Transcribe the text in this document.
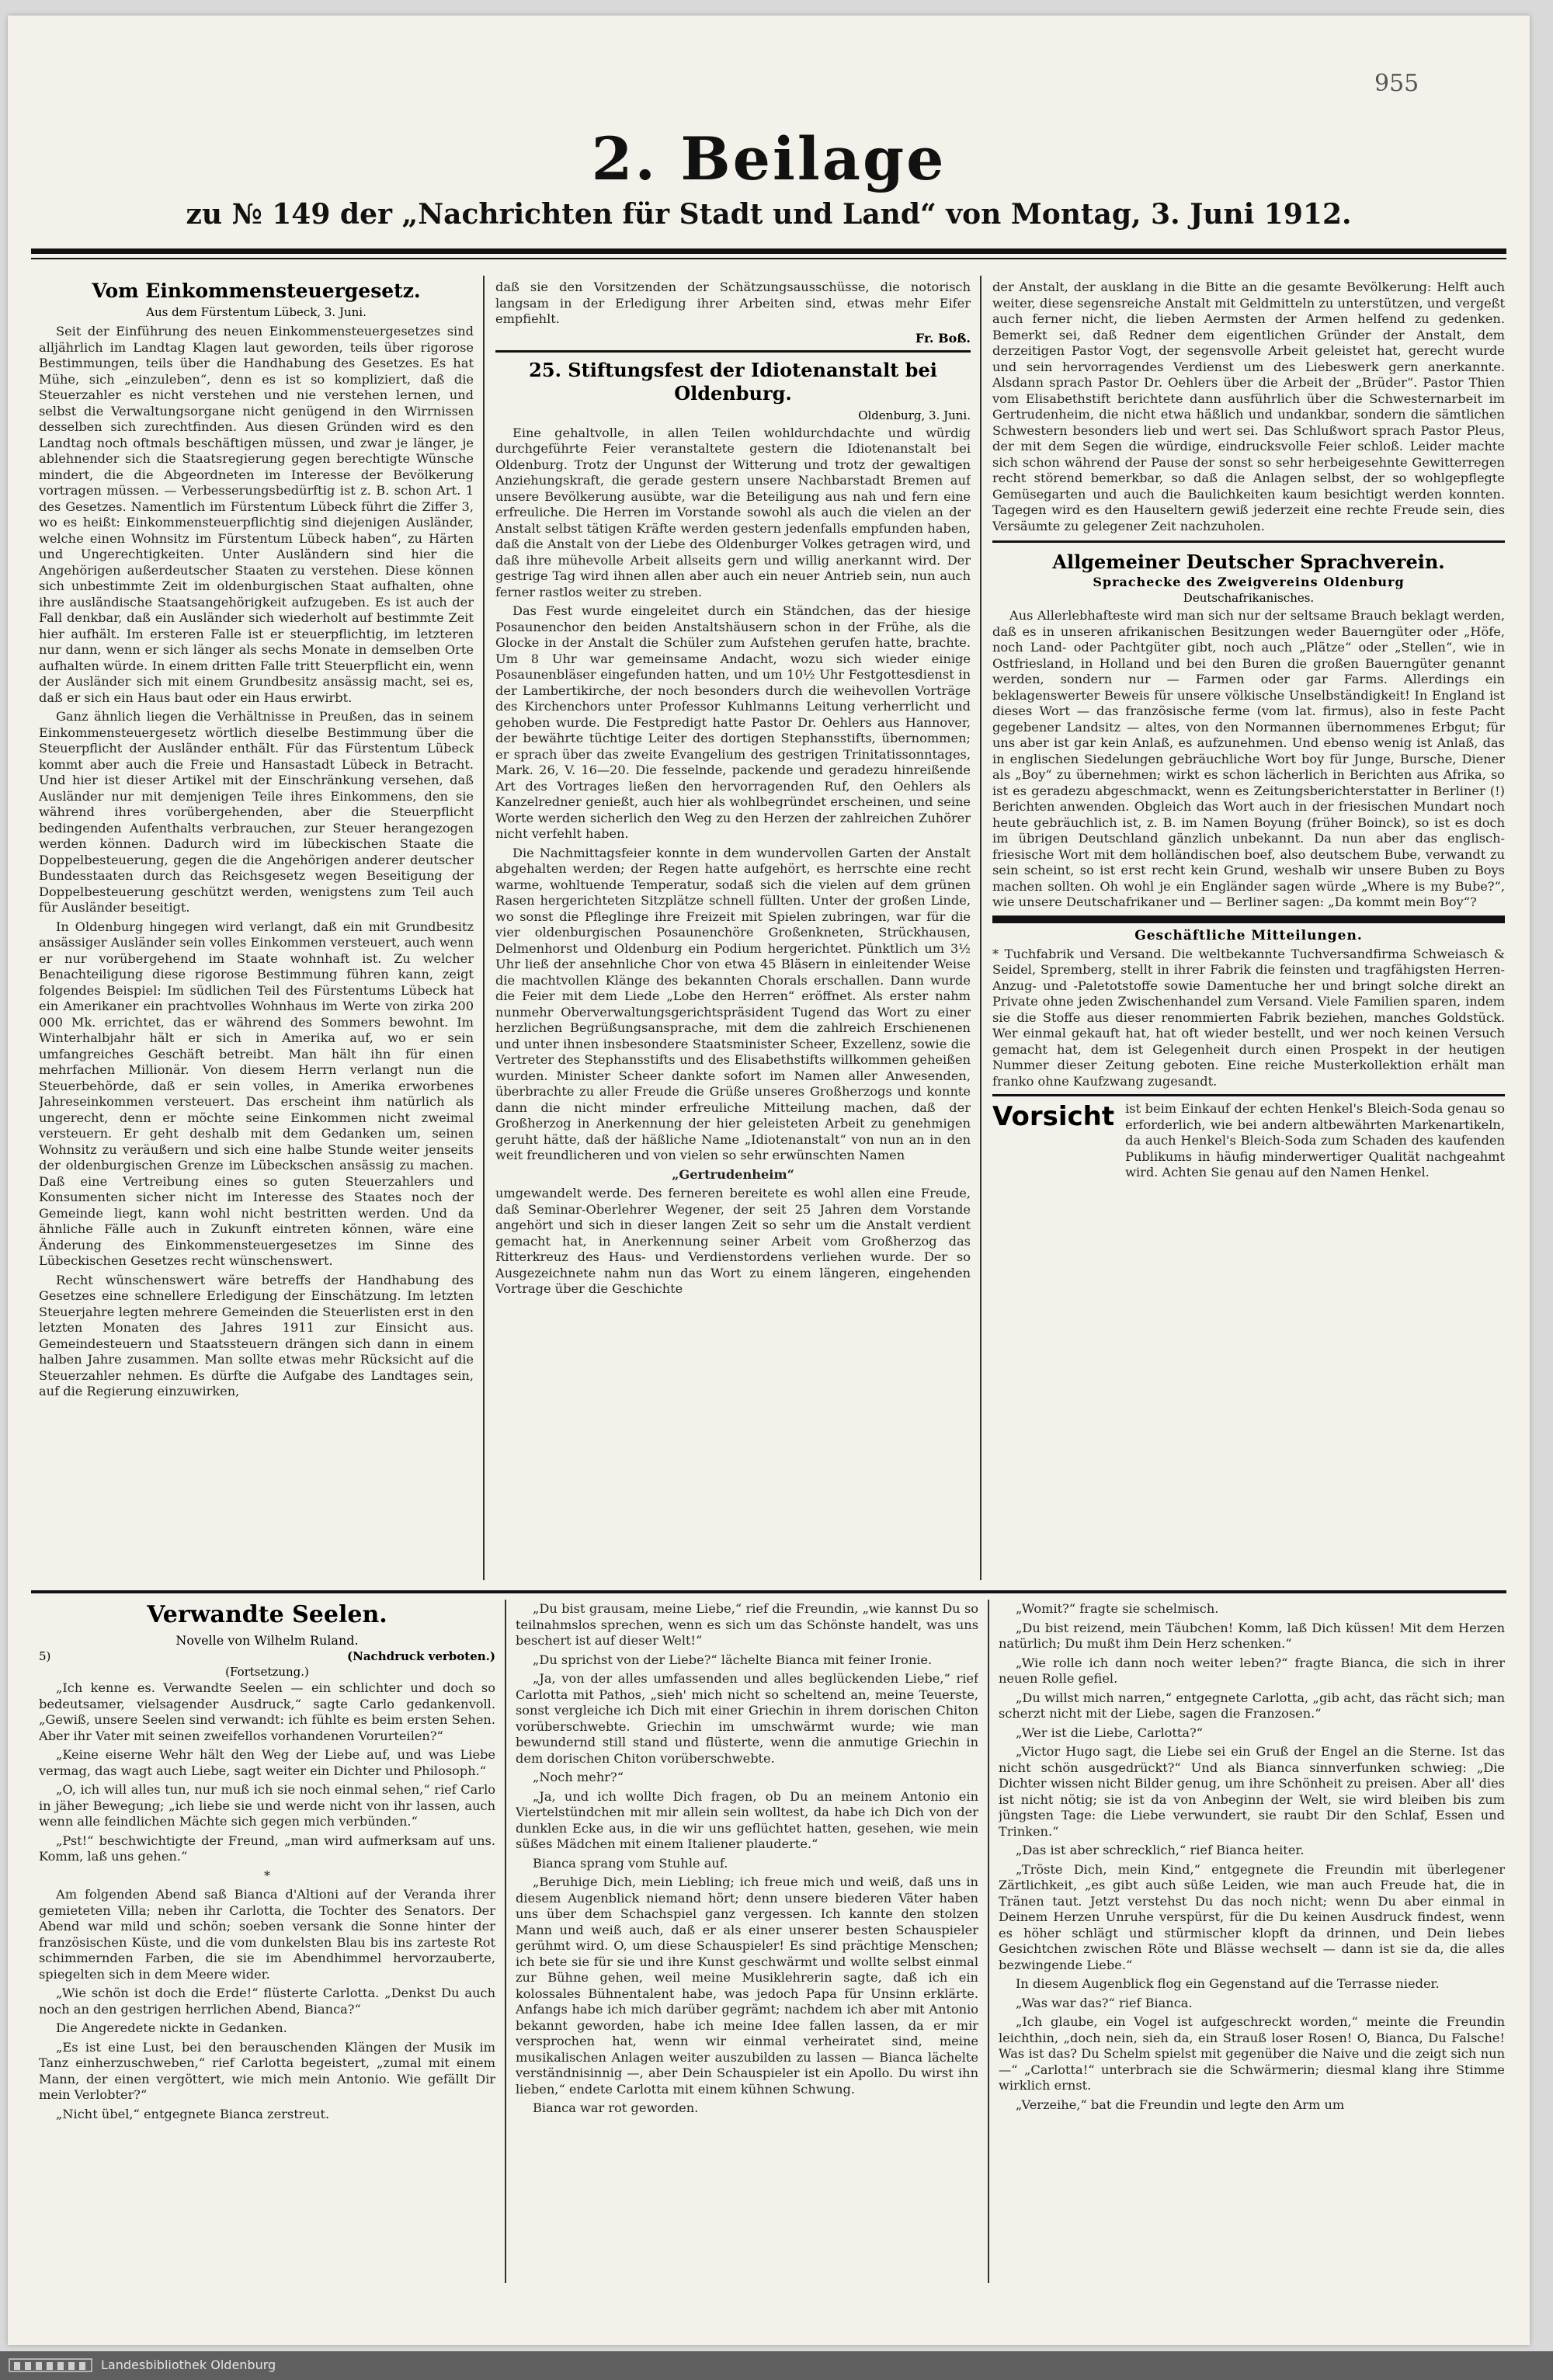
955
2. Beilage
zu № 149 der „Nachrichten für Stadt und Land“ von Montag, 3. Juni 1912.
Vom Einkommensteuergesetz.
Aus dem Fürstentum Lübeck, 3. Juni.

Seit der Einführung des neuen Einkommensteuergesetzes sind alljährlich im Landtag Klagen laut geworden, teils über rigorose Bestimmungen, teils über die Handhabung des Gesetzes. Es hat Mühe, sich „einzuleben“, denn es ist so kompliziert, daß die Steuerzahler es nicht verstehen und nie verstehen lernen, und selbst die Verwaltungsorgane nicht genügend in den Wirrnissen desselben sich zurechtfinden. Aus diesen Gründen wird es den Landtag noch oftmals beschäftigen müssen, und zwar je länger, je ablehnender sich die Staatsregierung gegen berechtigte Wünsche mindert, die die Abgeordneten im Interesse der Bevölkerung vortragen müssen. — Verbesserungsbedürftig ist z. B. schon Art. 1 des Gesetzes. Namentlich im Fürstentum Lübeck führt die Ziffer 3, wo es heißt: Einkommensteuerpflichtig sind diejenigen Ausländer, welche einen Wohnsitz im Fürstentum Lübeck haben“, zu Härten und Ungerechtigkeiten. Unter Ausländern sind hier die Angehörigen außerdeutscher Staaten zu verstehen. Diese können sich unbestimmte Zeit im oldenburgischen Staat aufhalten, ohne ihre ausländische Staatsangehörigkeit aufzugeben. Es ist auch der Fall denkbar, daß ein Ausländer sich wiederholt auf bestimmte Zeit hier aufhält. Im ersteren Falle ist er steuerpflichtig, im letzteren nur dann, wenn er sich länger als sechs Monate in demselben Orte aufhalten würde. In einem dritten Falle tritt Steuerpflicht ein, wenn der Ausländer sich mit einem Grundbesitz ansässig macht, sei es, daß er sich ein Haus baut oder ein Haus erwirbt.

Ganz ähnlich liegen die Verhältnisse in Preußen, das in seinem Einkommensteuergesetz wörtlich dieselbe Bestimmung über die Steuerpflicht der Ausländer enthält. Für das Fürstentum Lübeck kommt aber auch die Freie und Hansastadt Lübeck in Betracht. Und hier ist dieser Artikel mit der Einschränkung versehen, daß Ausländer nur mit demjenigen Teile ihres Einkommens, den sie während ihres vorübergehenden, aber die Steuerpflicht bedingenden Aufenthalts verbrauchen, zur Steuer herangezogen werden können. Dadurch wird im lübeckischen Staate die Doppelbesteuerung, gegen die die Angehörigen anderer deutscher Bundesstaaten durch das Reichsgesetz wegen Beseitigung der Doppelbesteuerung geschützt werden, wenigstens zum Teil auch für Ausländer beseitigt.

In Oldenburg hingegen wird verlangt, daß ein mit Grundbesitz ansässiger Ausländer sein volles Einkommen versteuert, auch wenn er nur vorübergehend im Staate wohnhaft ist. Zu welcher Benachteiligung diese rigorose Bestimmung führen kann, zeigt folgendes Beispiel: Im südlichen Teil des Fürstentums Lübeck hat ein Amerikaner ein prachtvolles Wohnhaus im Werte von zirka 200 000 Mk. errichtet, das er während des Sommers bewohnt. Im Winterhalbjahr hält er sich in Amerika auf, wo er sein umfangreiches Geschäft betreibt. Man hält ihn für einen mehrfachen Millionär. Von diesem Herrn verlangt nun die Steuerbehörde, daß er sein volles, in Amerika erworbenes Jahreseinkommen versteuert. Das erscheint ihm natürlich als ungerecht, denn er möchte seine Einkommen nicht zweimal versteuern. Er geht deshalb mit dem Gedanken um, seinen Wohnsitz zu veräußern und sich eine halbe Stunde weiter jenseits der oldenburgischen Grenze im Lübeckschen ansässig zu machen. Daß eine Vertreibung eines so guten Steuerzahlers und Konsumenten sicher nicht im Interesse des Staates noch der Gemeinde liegt, kann wohl nicht bestritten werden. Und da ähnliche Fälle auch in Zukunft eintreten können, wäre eine Änderung des Einkommensteuergesetzes im Sinne des Lübeckischen Gesetzes recht wünschenswert.

Recht wünschenswert wäre betreffs der Handhabung des Gesetzes eine schnellere Erledigung der Einschätzung. Im letzten Steuerjahre legten mehrere Gemeinden die Steuerlisten erst in den letzten Monaten des Jahres 1911 zur Einsicht aus. Gemeindesteuern und Staatssteuern drängen sich dann in einem halben Jahre zusammen. Man sollte etwas mehr Rücksicht auf die Steuerzahler nehmen. Es dürfte die Aufgabe des Landtages sein, auf die Regierung einzuwirken,

daß sie den Vorsitzenden der Schätzungsausschüsse, die notorisch langsam in der Erledigung ihrer Arbeiten sind, etwas mehr Eifer empfiehlt.

Fr. Boß.
25. Stiftungsfest der Idiotenanstalt bei Oldenburg.
Oldenburg, 3. Juni.

Eine gehaltvolle, in allen Teilen wohldurchdachte und würdig durchgeführte Feier veranstaltete gestern die Idiotenanstalt bei Oldenburg. Trotz der Ungunst der Witterung und trotz der gewaltigen Anziehungskraft, die gerade gestern unsere Nachbarstadt Bremen auf unsere Bevölkerung ausübte, war die Beteiligung aus nah und fern eine erfreuliche. Die Herren im Vorstande sowohl als auch die vielen an der Anstalt selbst tätigen Kräfte werden gestern jedenfalls empfunden haben, daß die Anstalt von der Liebe des Oldenburger Volkes getragen wird, und daß ihre mühevolle Arbeit allseits gern und willig anerkannt wird. Der gestrige Tag wird ihnen allen aber auch ein neuer Antrieb sein, nun auch ferner rastlos weiter zu streben.

Das Fest wurde eingeleitet durch ein Ständchen, das der hiesige Posaunenchor den beiden Anstaltshäusern schon in der Frühe, als die Glocke in der Anstalt die Schüler zum Aufstehen gerufen hatte, brachte. Um 8 Uhr war gemeinsame Andacht, wozu sich wieder einige Posaunenbläser eingefunden hatten, und um 10½ Uhr Festgottesdienst in der Lambertikirche, der noch besonders durch die weihevollen Vorträge des Kirchenchors unter Professor Kuhlmanns Leitung verherrlicht und gehoben wurde. Die Festpredigt hatte Pastor Dr. Oehlers aus Hannover, der bewährte tüchtige Leiter des dortigen Stephansstifts, übernommen; er sprach über das zweite Evangelium des gestrigen Trinitatissonntages, Mark. 26, V. 16—20. Die fesselnde, packende und geradezu hinreißende Art des Vortrages ließen den hervorragenden Ruf, den Oehlers als Kanzelredner genießt, auch hier als wohlbegründet erscheinen, und seine Worte werden sicherlich den Weg zu den Herzen der zahlreichen Zuhörer nicht verfehlt haben.

Die Nachmittagsfeier konnte in dem wundervollen Garten der Anstalt abgehalten werden; der Regen hatte aufgehört, es herrschte eine recht warme, wohltuende Temperatur, sodaß sich die vielen auf dem grünen Rasen hergerichteten Sitzplätze schnell füllten. Unter der großen Linde, wo sonst die Pfleglinge ihre Freizeit mit Spielen zubringen, war für die vier oldenburgischen Posaunenchöre Großenkneten, Strückhausen, Delmenhorst und Oldenburg ein Podium hergerichtet. Pünktlich um 3½ Uhr ließ der ansehnliche Chor von etwa 45 Bläsern in einleitender Weise die machtvollen Klänge des bekannten Chorals erschallen. Dann wurde die Feier mit dem Liede „Lobe den Herren“ eröffnet. Als erster nahm nunmehr Oberverwaltungsgerichtspräsident Tugend das Wort zu einer herzlichen Begrüßungsansprache, mit dem die zahlreich Erschienenen und unter ihnen insbesondere Staatsminister Scheer, Exzellenz, sowie die Vertreter des Stephansstifts und des Elisabethstifts willkommen geheißen wurden. Minister Scheer dankte sofort im Namen aller Anwesenden, überbrachte zu aller Freude die Grüße unseres Großherzogs und konnte dann die nicht minder erfreuliche Mitteilung machen, daß der Großherzog in Anerkennung der hier geleisteten Arbeit zu genehmigen geruht hätte, daß der häßliche Name „Idiotenanstalt“ von nun an in den weit freundlicheren und von vielen so sehr erwünschten Namen

„Gertrudenheim“

umgewandelt werde. Des ferneren bereitete es wohl allen eine Freude, daß Seminar-Oberlehrer Wegener, der seit 25 Jahren dem Vorstande angehört und sich in dieser langen Zeit so sehr um die Anstalt verdient gemacht hat, in Anerkennung seiner Arbeit vom Großherzog das Ritterkreuz des Haus- und Verdienstordens verliehen wurde. Der so Ausgezeichnete nahm nun das Wort zu einem längeren, eingehenden Vortrage über die Geschichte

der Anstalt, der ausklang in die Bitte an die gesamte Bevölkerung: Helft auch weiter, diese segensreiche Anstalt mit Geldmitteln zu unterstützen, und vergeßt auch ferner nicht, die lieben Aermsten der Armen helfend zu gedenken. Bemerkt sei, daß Redner dem eigentlichen Gründer der Anstalt, dem derzeitigen Pastor Vogt, der segensvolle Arbeit geleistet hat, gerecht wurde und sein hervorragendes Verdienst um des Liebeswerk gern anerkannte. Alsdann sprach Pastor Dr. Oehlers über die Arbeit der „Brüder“. Pastor Thien vom Elisabethstift berichtete dann ausführlich über die Schwesternarbeit im Gertrudenheim, die nicht etwa häßlich und undankbar, sondern die sämtlichen Schwestern besonders lieb und wert sei. Das Schlußwort sprach Pastor Pleus, der mit dem Segen die würdige, eindrucksvolle Feier schloß. Leider machte sich schon während der Pause der sonst so sehr herbeigesehnte Gewitterregen recht störend bemerkbar, so daß die Anlagen selbst, der so wohlgepflegte Gemüsegarten und auch die Baulichkeiten kaum besichtigt werden konnten. Tagegen wird es den Hauseltern gewiß jederzeit eine rechte Freude sein, dies Versäumte zu gelegener Zeit nachzuholen.

Allgemeiner Deutscher Sprachverein.
Sprachecke des Zweigvereins Oldenburg
Deutschafrikanisches.

Aus Allerlebhafteste wird man sich nur der seltsame Brauch beklagt werden, daß es in unseren afrikanischen Besitzungen weder Bauerngüter oder „Höfe, noch Land- oder Pachtgüter gibt, noch auch „Plätze“ oder „Stellen“, wie in Ostfriesland, in Holland und bei den Buren die großen Bauerngüter genannt werden, sondern nur — Farmen oder gar Farms. Allerdings ein beklagenswerter Beweis für unsere völkische Unselbständigkeit! In England ist dieses Wort — das französische ferme (vom lat. firmus), also in feste Pacht gegebener Landsitz — altes, von den Normannen übernommenes Erbgut; für uns aber ist gar kein Anlaß, es aufzunehmen. Und ebenso wenig ist Anlaß, das in englischen Siedelungen gebräuchliche Wort boy für Junge, Bursche, Diener als „Boy“ zu übernehmen; wirkt es schon lächerlich in Berichten aus Afrika, so ist es geradezu abgeschmackt, wenn es Zeitungsberichterstatter in Berliner (!) Berichten anwenden. Obgleich das Wort auch in der friesischen Mundart noch heute gebräuchlich ist, z. B. im Namen Boyung (früher Boinck), so ist es doch im übrigen Deutschland gänzlich unbekannt. Da nun aber das englisch-friesische Wort mit dem holländischen boef, also deutschem Bube, verwandt zu sein scheint, so ist erst recht kein Grund, weshalb wir unsere Buben zu Boys machen sollten. Oh wohl je ein Engländer sagen würde „Where is my Bube?“, wie unsere Deutschafrikaner und — Berliner sagen: „Da kommt mein Boy“?

Geschäftliche Mitteilungen.

* Tuchfabrik und Versand. Die weltbekannte Tuchversandfirma Schweiasch & Seidel, Spremberg, stellt in ihrer Fabrik die feinsten und tragfähigsten Herren-Anzug- und -Paletotstoffe sowie Damentuche her und bringt solche direkt an Private ohne jeden Zwischenhandel zum Versand. Viele Familien sparen, indem sie die Stoffe aus dieser renommierten Fabrik beziehen, manches Goldstück. Wer einmal gekauft hat, hat oft wieder bestellt, und wer noch keinen Versuch gemacht hat, dem ist Gelegenheit durch einen Prospekt in der heutigen Nummer dieser Zeitung geboten. Eine reiche Musterkollektion erhält man franko ohne Kaufzwang zugesandt.

Vorsicht ist beim Einkauf der echten Henkel's Bleich-Soda genau so erforderlich, wie bei andern altbewährten Markenartikeln, da auch Henkel's Bleich-Soda zum Schaden des kaufenden Publikums in häufig minderwertiger Qualität nachgeahmt wird. Achten Sie genau auf den Namen Henkel.

Verwandte Seelen.
Novelle von Wilhelm Ruland.
5)	(Nachdruck verboten.)
(Fortsetzung.)

„Ich kenne es. Verwandte Seelen — ein schlichter und doch so bedeutsamer, vielsagender Ausdruck,“ sagte Carlo gedankenvoll. „Gewiß, unsere Seelen sind verwandt: ich fühlte es beim ersten Sehen. Aber ihr Vater mit seinen zweifellos vorhandenen Vorurteilen?“

„Keine eiserne Wehr hält den Weg der Liebe auf, und was Liebe vermag, das wagt auch Liebe, sagt weiter ein Dichter und Philosoph.“

„O, ich will alles tun, nur muß ich sie noch einmal sehen,“ rief Carlo in jäher Bewegung; „ich liebe sie und werde nicht von ihr lassen, auch wenn alle feindlichen Mächte sich gegen mich verbünden.“

„Pst!“ beschwichtigte der Freund, „man wird aufmerksam auf uns. Komm, laß uns gehen.“

*

Am folgenden Abend saß Bianca d'Altioni auf der Veranda ihrer gemieteten Villa; neben ihr Carlotta, die Tochter des Senators. Der Abend war mild und schön; soeben versank die Sonne hinter der französischen Küste, und die vom dunkelsten Blau bis ins zarteste Rot schimmernden Farben, die sie im Abendhimmel hervorzauberte, spiegelten sich in dem Meere wider.

„Wie schön ist doch die Erde!“ flüsterte Carlotta. „Denkst Du auch noch an den gestrigen herrlichen Abend, Bianca?“

Die Angeredete nickte in Gedanken.

„Es ist eine Lust, bei den berauschenden Klängen der Musik im Tanz einherzuschweben,“ rief Carlotta begeistert, „zumal mit einem Mann, der einen vergöttert, wie mich mein Antonio. Wie gefällt Dir mein Verlobter?“

„Nicht übel,“ entgegnete Bianca zerstreut.

„Du bist grausam, meine Liebe,“ rief die Freundin, „wie kannst Du so teilnahmslos sprechen, wenn es sich um das Schönste handelt, was uns beschert ist auf dieser Welt!“

„Du sprichst von der Liebe?“ lächelte Bianca mit feiner Ironie.

„Ja, von der alles umfassenden und alles beglückenden Liebe,“ rief Carlotta mit Pathos, „sieh' mich nicht so scheltend an, meine Teuerste, sonst vergleiche ich Dich mit einer Griechin in ihrem dorischen Chiton vorüberschwebte. Griechin im umschwärmt wurde; wie man bewundernd still stand und flüsterte, wenn die anmutige Griechin in dem dorischen Chiton vorüberschwebte.

„Noch mehr?“

„Ja, und ich wollte Dich fragen, ob Du an meinem Antonio ein Viertelstündchen mit mir allein sein wolltest, da habe ich Dich von der dunklen Ecke aus, in die wir uns geflüchtet hatten, gesehen, wie mein süßes Mädchen mit einem Italiener plauderte.“

Bianca sprang vom Stuhle auf.

„Beruhige Dich, mein Liebling; ich freue mich und weiß, daß uns in diesem Augenblick niemand hört; denn unsere biederen Väter haben uns über dem Schachspiel ganz vergessen. Ich kannte den stolzen Mann und weiß auch, daß er als einer unserer besten Schauspieler gerühmt wird. O, um diese Schauspieler! Es sind prächtige Menschen; ich bete sie für sie und ihre Kunst geschwärmt und wollte selbst einmal zur Bühne gehen, weil meine Musiklehrerin sagte, daß ich ein kolossales Bühnentalent habe, was jedoch Papa für Unsinn erklärte. Anfangs habe ich mich darüber gegrämt; nachdem ich aber mit Antonio bekannt geworden, habe ich meine Idee fallen lassen, da er mir versprochen hat, wenn wir einmal verheiratet sind, meine musikalischen Anlagen weiter auszubilden zu lassen — Bianca lächelte verständnisinnig —, aber Dein Schauspieler ist ein Apollo. Du wirst ihn lieben,“ endete Carlotta mit einem kühnen Schwung.

Bianca war rot geworden.

„Womit?“ fragte sie schelmisch.

„Du bist reizend, mein Täubchen! Komm, laß Dich küssen! Mit dem Herzen natürlich; Du mußt ihm Dein Herz schenken.“

„Wie rolle ich dann noch weiter leben?“ fragte Bianca, die sich in ihrer neuen Rolle gefiel.

„Du willst mich narren,“ entgegnete Carlotta, „gib acht, das rächt sich; man scherzt nicht mit der Liebe, sagen die Franzosen.“

„Wer ist die Liebe, Carlotta?“

„Victor Hugo sagt, die Liebe sei ein Gruß der Engel an die Sterne. Ist das nicht schön ausgedrückt?“ Und als Bianca sinnverfunken schwieg: „Die Dichter wissen nicht Bilder genug, um ihre Schönheit zu preisen. Aber all' dies ist nicht nötig; sie ist da von Anbeginn der Welt, sie wird bleiben bis zum jüngsten Tage: die Liebe verwundert, sie raubt Dir den Schlaf, Essen und Trinken.“

„Das ist aber schrecklich,“ rief Bianca heiter.

„Tröste Dich, mein Kind,“ entgegnete die Freundin mit überlegener Zärtlichkeit, „es gibt auch süße Leiden, wie man auch Freude hat, die in Tränen taut. Jetzt verstehst Du das noch nicht; wenn Du aber einmal in Deinem Herzen Unruhe verspürst, für die Du keinen Ausdruck findest, wenn es höher schlägt und stürmischer klopft da drinnen, und Dein liebes Gesichtchen zwischen Röte und Blässe wechselt — dann ist sie da, die alles bezwingende Liebe.“

In diesem Augenblick flog ein Gegenstand auf die Terrasse nieder.

„Was war das?“ rief Bianca.

„Ich glaube, ein Vogel ist aufgeschreckt worden,“ meinte die Freundin leichthin, „doch nein, sieh da, ein Strauß loser Rosen! O, Bianca, Du Falsche! Was ist das? Du Schelm spielst mit gegenüber die Naive und die zeigt sich nun —“ „Carlotta!“ unterbrach sie die Schwärmerin; diesmal klang ihre Stimme wirklich ernst.

„Verzeihe,“ bat die Freundin und legte den Arm um

Landesbibliothek Oldenburg
